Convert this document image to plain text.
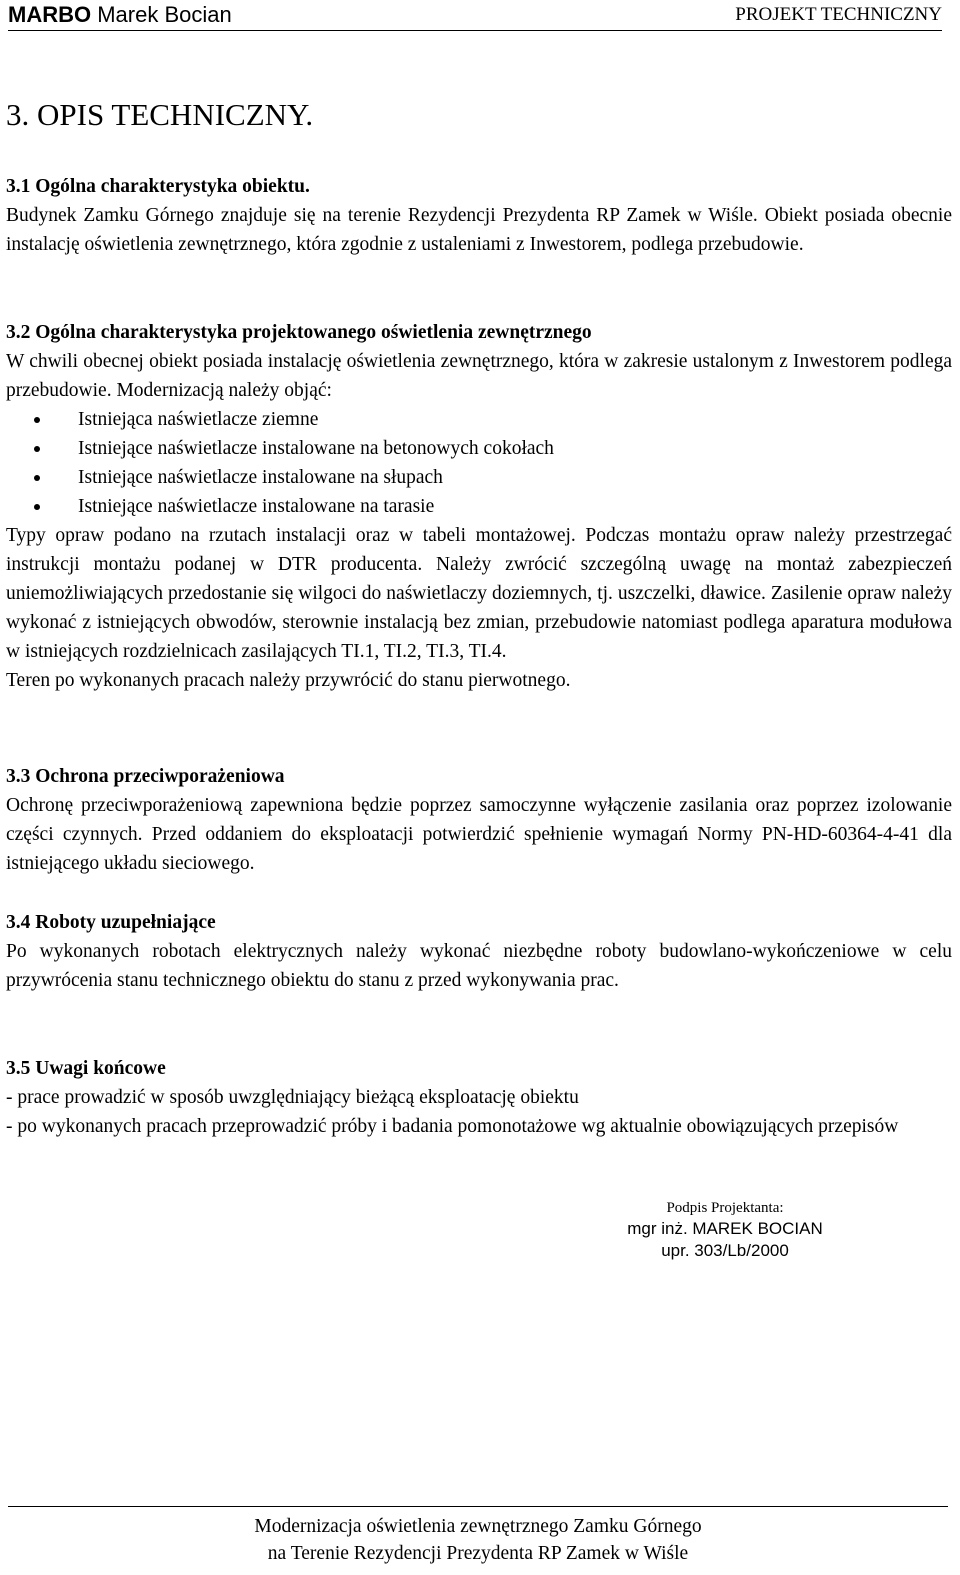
MARBO Marek Bocian	PROJEKT TECHNICZNY
3. OPIS TECHNICZNY.
3.1 Ogólna charakterystyka obiektu.

Budynek Zamku Górnego znajduje się na terenie Rezydencji Prezydenta RP Zamek w Wiśle. Obiekt posiada obecnie instalację oświetlenia zewnętrznego, która zgodnie z ustaleniami z Inwestorem, podlega przebudowie.

3.2 Ogólna charakterystyka projektowanego oświetlenia zewnętrznego

W chwili obecnej obiekt posiada instalację oświetlenia zewnętrznego, która w zakresie ustalonym z Inwestorem podlega przebudowie. Modernizacją należy objąć:

Istniejąca naświetlacze ziemne
Istniejące naświetlacze instalowane na betonowych cokołach
Istniejące naświetlacze instalowane na słupach
Istniejące naświetlacze instalowane na tarasie

Typy opraw podano na rzutach instalacji oraz w tabeli montażowej. Podczas montażu opraw należy przestrzegać instrukcji montażu podanej w DTR producenta. Należy zwrócić szczególną uwagę na montaż zabezpieczeń uniemożliwiających przedostanie się wilgoci do naświetlaczy doziemnych, tj. uszczelki, dławice. Zasilenie opraw należy wykonać z istniejących obwodów, sterownie instalacją bez zmian, przebudowie natomiast podlega aparatura modułowa w istniejących rozdzielnicach zasilających TI.1, TI.2, TI.3, TI.4.

Teren po wykonanych pracach należy przywrócić do stanu pierwotnego.

3.3 Ochrona przeciwporażeniowa

Ochronę przeciwporażeniową zapewniona będzie poprzez samoczynne wyłączenie zasilania oraz poprzez izolowanie części czynnych. Przed oddaniem do eksploatacji potwierdzić spełnienie wymagań Normy PN-HD-60364-4-41 dla istniejącego układu sieciowego.

3.4 Roboty uzupełniające

Po wykonanych robotach elektrycznych należy wykonać niezbędne roboty budowlano-wykończeniowe w celu przywrócenia stanu technicznego obiektu do stanu z przed wykonywania prac.

3.5 Uwagi końcowe

- prace prowadzić w sposób uwzględniający bieżącą eksploatację obiektu

- po wykonanych pracach przeprowadzić próby i badania pomonotażowe wg aktualnie obowiązujących przepisów

Podpis Projektanta:
mgr inż. MAREK BOCIAN
upr. 303/Lb/2000
Modernizacja oświetlenia zewnętrznego Zamku Górnego
na Terenie Rezydencji Prezydenta RP Zamek w Wiśle
